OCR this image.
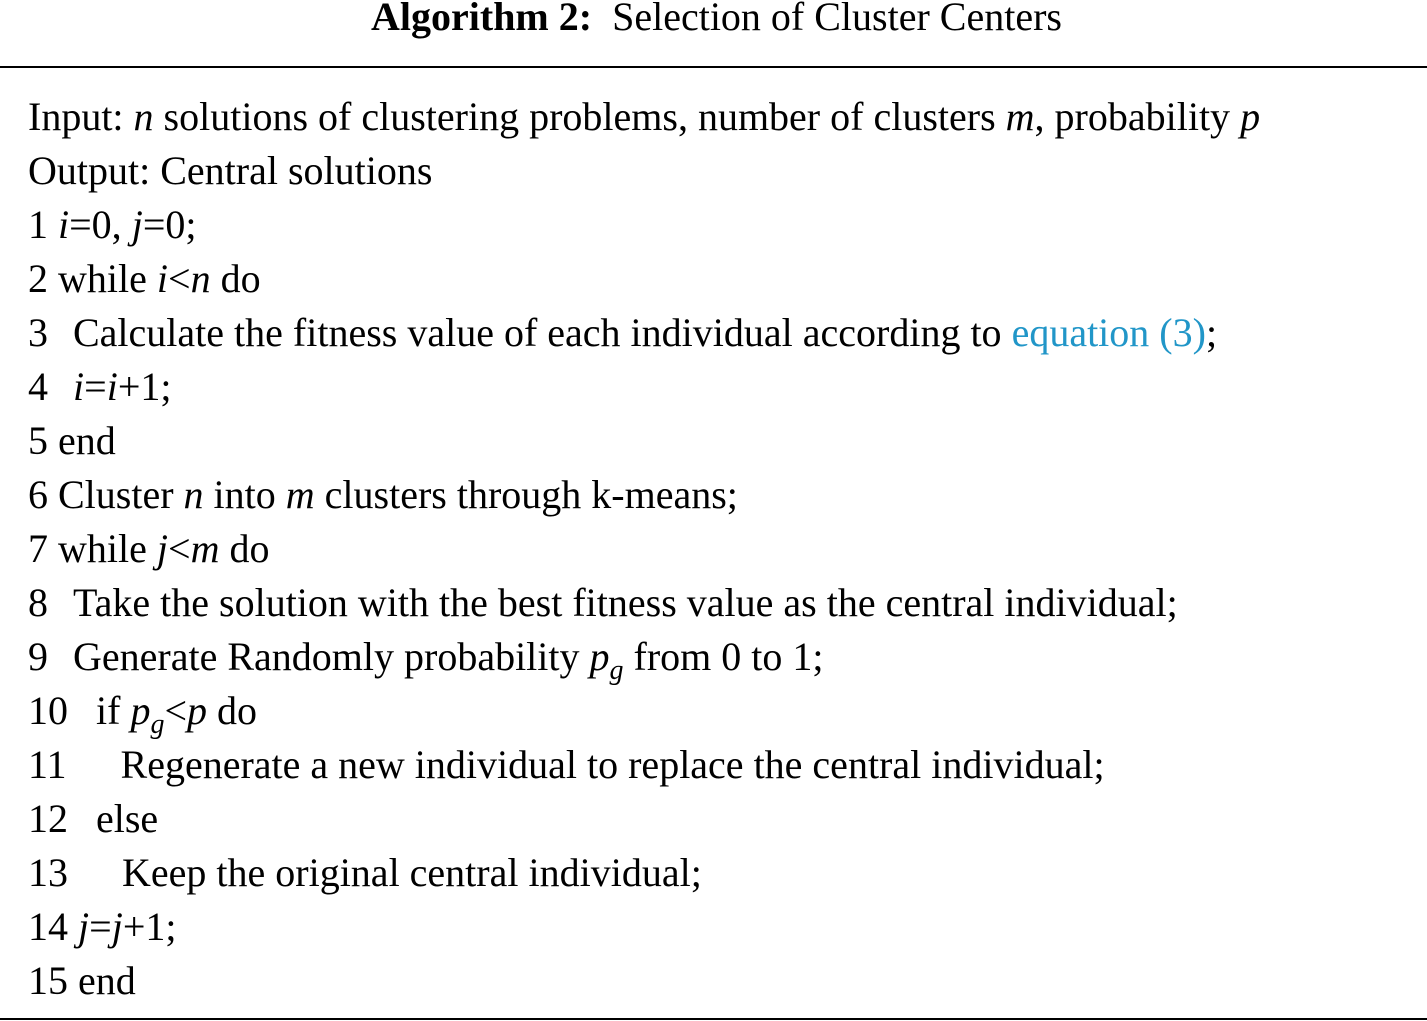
Algorithm 2: Selection of Cluster Centers
Input: n solutions of clustering problems, number of clusters m, probability p
Output: Central solutions
1 i=0, j=0;
2 while i<n do
3 Calculate the fitness value of each individual according to equation (3);
4 i=i+1;
5 end
6 Cluster n into m clusters through k-means;
7 while j<m do
8 Take the solution with the best fitness value as the central individual;
9 Generate Randomly probability $p_g$ from 0 to 1;
10 if $p_g<p$ do
11 Regenerate a new individual to replace the central individual;
12 else
13 Keep the original central individual;
14 j=j+1;
15 end
